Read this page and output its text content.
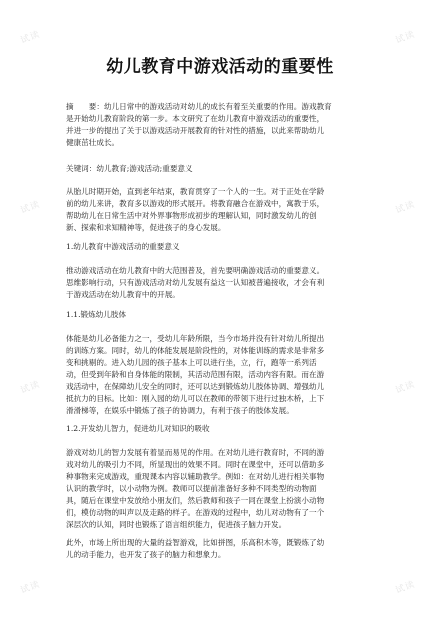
幼儿教育中游戏活动的重要性
摘　　要：幼儿日常中的游戏活动对幼儿的成长有着至关重要的作用。游戏教育
是开始幼儿教育阶段的第一步。本文研究了在幼儿教育中游戏活动的重要性，
并进一步的提出了关于以游戏活动开展教育的针对性的措施，以此来帮助幼儿
健康茁壮成长。
关键词：幼儿教育;游戏活动;重要意义
从胎儿时期开始，直到老年结束，教育贯穿了一个人的一生。对于正处在学龄
前的幼儿来讲，教育多以游戏的形式展开。将教育融合在游戏中，寓教于乐，
帮助幼儿在日常生活中对外界事物形成初步的理解认知，同时激发幼儿的创
新、探索和求知精神等，促进孩子的身心发展。
1.幼儿教育中游戏活动的重要意义
推动游戏活动在幼儿教育中的大范围普及，首先要明确游戏活动的重要意义。
思维影响行动，只有游戏活动对幼儿发展有益这一认知被普遍接收，才会有利
于游戏活动在幼儿教育中的开展。
1.1.锻炼幼儿肢体
体能是幼儿必备能力之一，受幼儿年龄所限，当今市场并没有针对幼儿所提出
的训练方案。同时，幼儿的体能发展是阶段性的，对体能训练的需求是非常多
变和挑剔的。进入幼儿园的孩子基本上可以进行坐，立，行，跑等一系列活
动，但受到年龄和自身体能的限制，其活动范围有限，活动内容有限。而在游
戏活动中，在保障幼儿安全的同时，还可以达到锻炼幼儿肢体协调、增强幼儿
抵抗力的目标。比如：刚入园的幼儿可以在教师的带领下进行过独木桥，上下
滑滑梯等，在娱乐中锻炼了孩子的协调力，有利于孩子的肢体发展。
1.2.开发幼儿智力，促进幼儿对知识的吸收
游戏对幼儿的智力发展有着显而易见的作用。在对幼儿进行教育时，不同的游
戏对幼儿的吸引力不同，所显现出的效果不同。同时在课堂中，还可以借助多
种事物来完成游戏，重现课本内容以辅助教学。例如：在对幼儿进行相关事物
认识的教学时，以小动物为例。教师可以提前准备好多种不同类型的动物面
具，随后在课堂中发放给小朋友们，然后教师和孩子一同在课堂上扮演小动物
们，模仿动物的叫声以及走路的样子。在游戏的过程中，幼儿对动物有了一个
深层次的认知，同时也锻炼了语言组织能力，促进孩子脑力开发。
此外，市场上所出现的大量的益智游戏，比如拼图，乐高积木等，既锻炼了幼
儿的动手能力，也开发了孩子的脑力和想象力。
试读	试读
试读	试读
试读	试读
试读	试读
